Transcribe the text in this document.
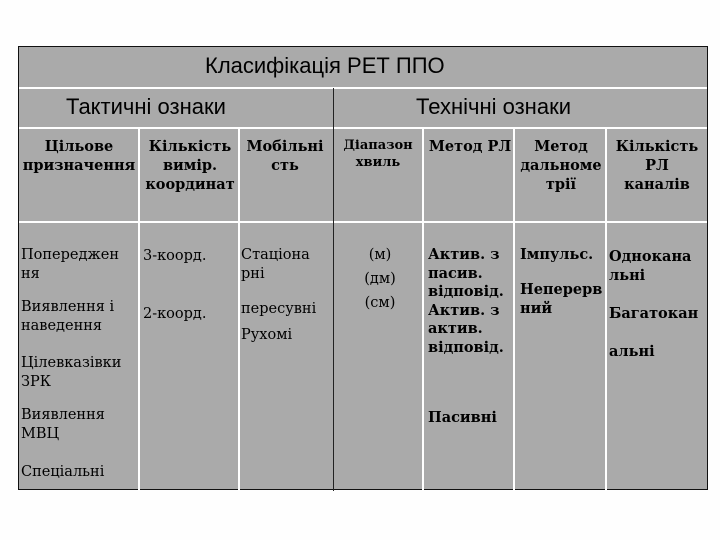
Класифікація РЕТ ППО
Тактичні ознаки	Технічні ознаки
Цільове
призначення
Кількість
вимір.
координат
Мобільні
сть
Діапазон
хвиль
Метод РЛ	Метод
дальноме
трії
Кількість
РЛ
каналів
Попереджен
ня
Виявлення і
наведення
Цілевказівки
ЗРК
Виявлення
МВЦ
Спеціальні
3-коорд.
2-коорд.
Стаціона
рні
пересувні
Рухомі
(м)
(дм)
(см)
Актив. з
пасив.
відповід.
Актив. з
актив.
відповід.
Пасивні
Імпульс.
Неперерв
ний
Однокана
льні
Багатокан
альні
